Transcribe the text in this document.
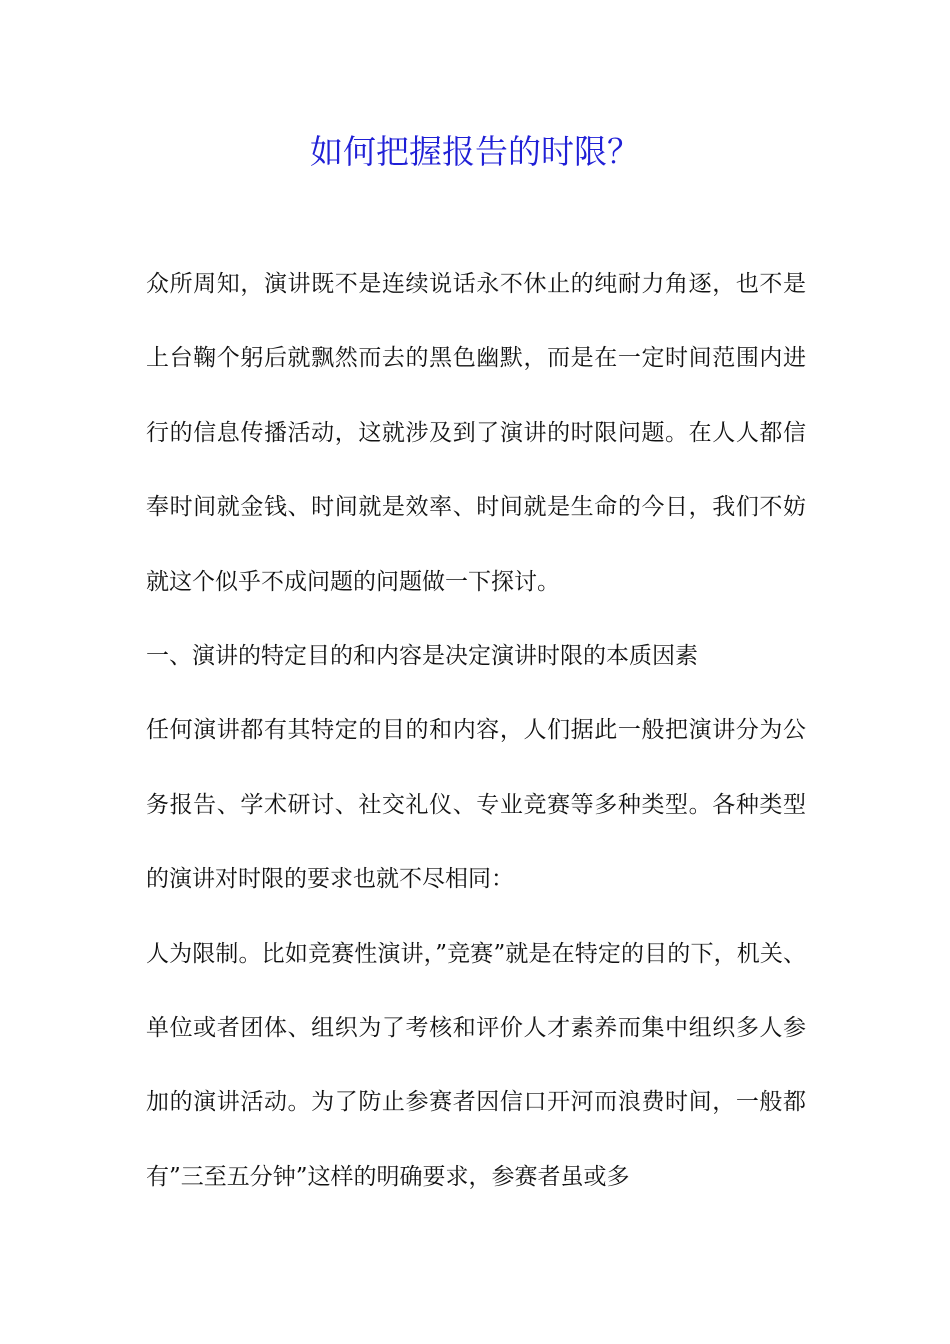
如何把握报告的时限？

众所周知，演讲既不是连续说话永不休止的纯耐力角逐，也不是上台鞠个躬后就飘然而去的黑色幽默，而是在一定时间范围内进行的信息传播活动，这就涉及到了演讲的时限问题。在人人都信奉时间就金钱、时间就是效率、时间就是生命的今日，我们不妨就这个似乎不成问题的问题做一下探讨。

一、演讲的特定目的和内容是决定演讲时限的本质因素

任何演讲都有其特定的目的和内容，人们据此一般把演讲分为公务报告、学术研讨、社交礼仪、专业竞赛等多种类型。各种类型的演讲对时限的要求也就不尽相同：

人为限制。比如竞赛性演讲，”竞赛”就是在特定的目的下，机关、单位或者团体、组织为了考核和评价人才素养而集中组织多人参加的演讲活动。为了防止参赛者因信口开河而浪费时间，一般都有”三至五分钟”这样的明确要求，参赛者虽或多
